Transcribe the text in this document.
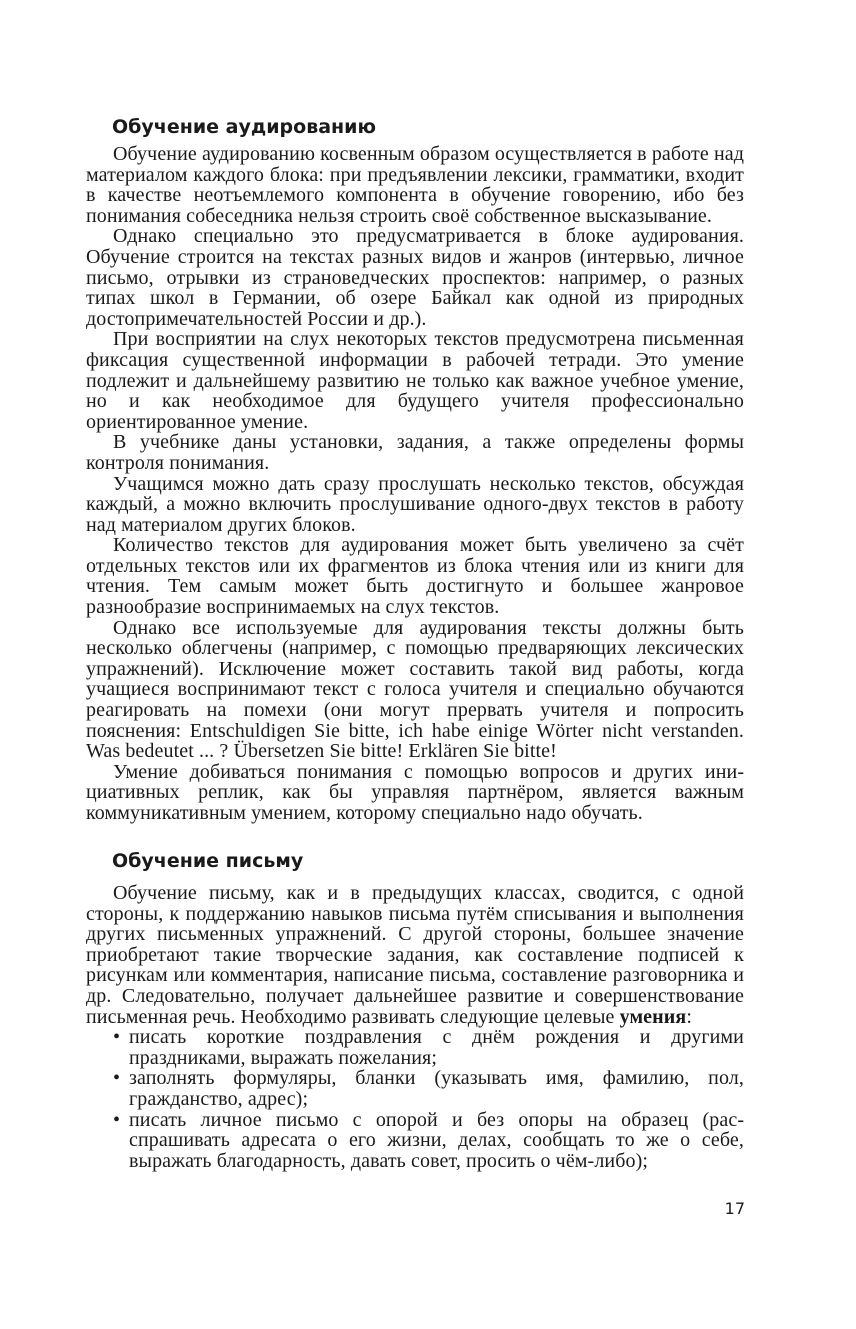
Обучение аудированию

Обучение аудированию косвенным образом осуществляется в работе над материалом каждого блока: при предъявлении лексики, грамматики, входит в качестве неотъемлемого компонента в обучение говорению, ибо без понимания собеседника нельзя строить своё собственное высказывание.

Однако специально это предусматривается в блоке аудирования. Обучение строится на текстах разных видов и жанров (интервью, личное письмо, отрывки из страноведческих проспектов: например, о разных типах школ в Германии, об озере Байкал как одной из природных достопримечательностей России и др.).

При восприятии на слух некоторых текстов предусмотрена письменная фиксация существенной информации в рабочей тетради. Это умение подлежит и дальнейшему развитию не только как важное учебное умение, но и как необходимое для будущего учителя профессионально ориентированное умение.

В учебнике даны установки, задания, а также определены формы контроля понимания.

Учащимся можно дать сразу прослушать несколько текстов, обсуждая каждый, а можно включить прослушивание одного-двух текстов в работу над материалом других блоков.

Количество текстов для аудирования может быть увеличено за счёт отдельных текстов или их фрагментов из блока чтения или из книги для чтения. Тем самым может быть достигнуто и большее жанровое разнообразие воспринимаемых на слух текстов.

Однако все используемые для аудирования тексты должны быть несколько облегчены (например, с помощью предваряющих лексических упражнений). Исключение может составить такой вид работы, когда учащиеся воспринимают текст с голоса учителя и специально обучаются реагировать на помехи (они могут прервать учителя и попросить пояснения: Entschuldigen Sie bitte, ich habe einige Wörter nicht verstanden. Was bedeutet ... ? Übersetzen Sie bitte! Erklären Sie bitte!

Умение добиваться понимания с помощью вопросов и других инициативных реплик, как бы управляя партнёром, является важным коммуникативным умением, которому специально надо обучать.

Обучение письму

Обучение письму, как и в предыдущих классах, сводится, с одной стороны, к поддержанию навыков письма путём списывания и выполнения других письменных упражнений. С другой стороны, большее значение приобретают такие творческие задания, как составление подписей к рисункам или комментария, написание письма, составление разговорника и др. Следовательно, получает дальнейшее развитие и совершенствование письменная речь. Необходимо развивать следующие целевые умения:

• писать короткие поздравления с днём рождения и другими праздниками, выражать пожелания;
• заполнять формуляры, бланки (указывать имя, фамилию, пол, гражданство, адрес);
• писать личное письмо с опорой и без опоры на образец (расспрашивать адресата о его жизни, делах, сообщать то же о себе, выражать благодарность, давать совет, просить о чём-либо);
17
